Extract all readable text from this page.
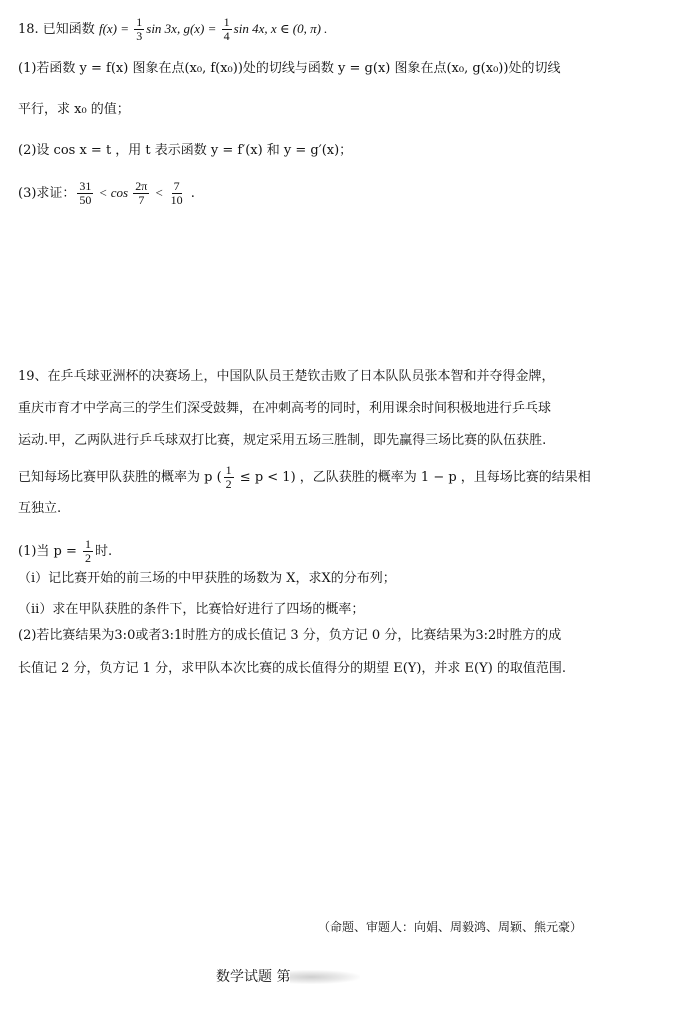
18. 已知函数 $f(x) = \frac{1}{3}$ sin 3x, $g(x) = \frac{1}{4}$ sin 4x, x ∈ (0, π) .
(1)若函数 y = f(x) 图象在点(x₀, f(x₀))处的切线与函数 y = g(x) 图象在点(x₀, g(x₀))处的切线
平行，求 x₀ 的值；
(2)设 cos x = t ，用 t 表示函数 y = f′(x) 和 y = g′(x)；
(3)求证： $\frac{31}{50} < \cos \frac{2\pi}{7} < \frac{7}{10}$ .
19、在乒乓球亚洲杯的决赛场上，中国队队员王楚钦击败了日本队队员张本智和并夺得金牌，
重庆市育才中学高三的学生们深受鼓舞，在冲刺高考的同时，利用课余时间积极地进行乒乓球
运动.甲，乙两队进行乒乓球双打比赛，规定采用五场三胜制，即先赢得三场比赛的队伍获胜.
已知每场比赛甲队获胜的概率为 p ( $\frac{1}{2} \le p < 1$) ，乙队获胜的概率为 1 − p ，且每场比赛的结果相
互独立.
(1)当 $p = \frac{1}{2}$ 时.
（i）记比赛开始的前三场的中甲获胜的场数为 X，求X的分布列；
（ii）求在甲队获胜的条件下，比赛恰好进行了四场的概率；
(2)若比赛结果为3:0或者3:1时胜方的成长值记 3 分，负方记 0 分，比赛结果为3:2时胜方的成
长值记 2 分，负方记 1 分，求甲队本次比赛的成长值得分的期望 E(Y)，并求 E(Y) 的取值范围.
（命题、审题人：向娟、周毅鸿、周颖、熊元豪）
数学试题 第
